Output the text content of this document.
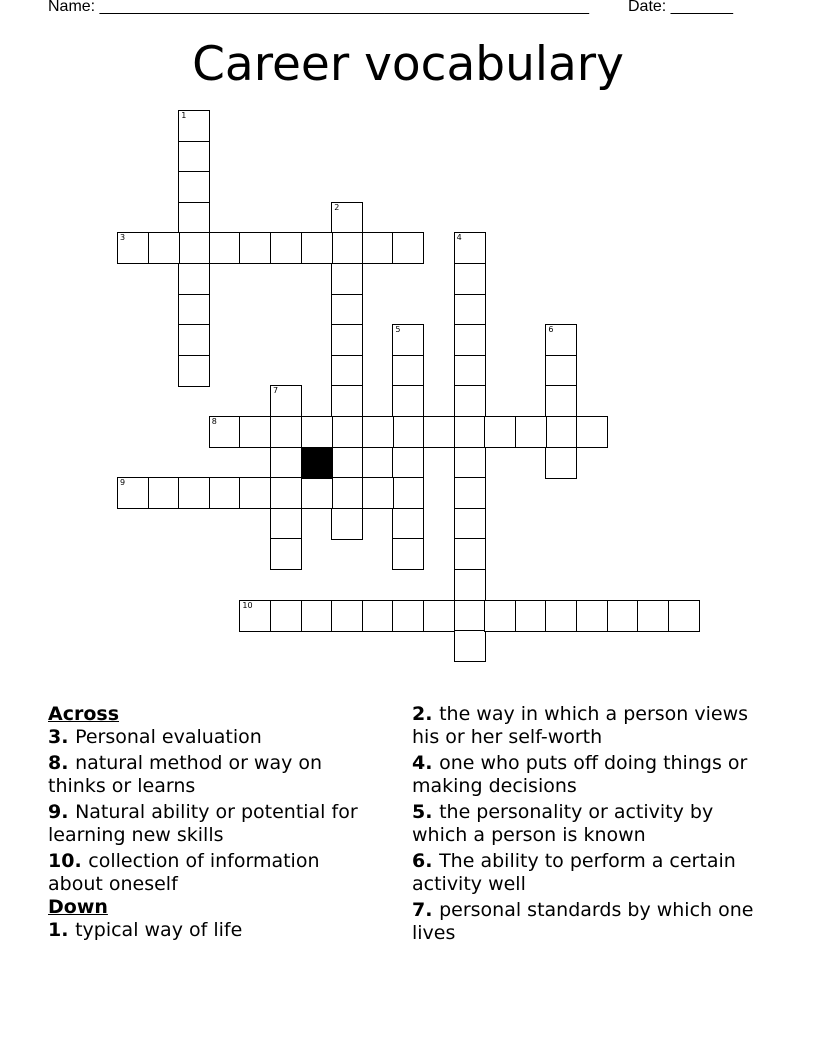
Name: _______________________________________________________ Date: _______
Career vocabulary
1
2
3	4
5	6
7
8
9
10
Across
3. Personal evaluation
8. natural method or way on thinks or learns
9. Natural ability or potential for learning new skills
10. collection of information about oneself
Down
1. typical way of life
2. the way in which a person views his or her self-worth
4. one who puts off doing things or making decisions
5. the personality or activity by which a person is known
6. The ability to perform a certain activity well
7. personal standards by which one lives
